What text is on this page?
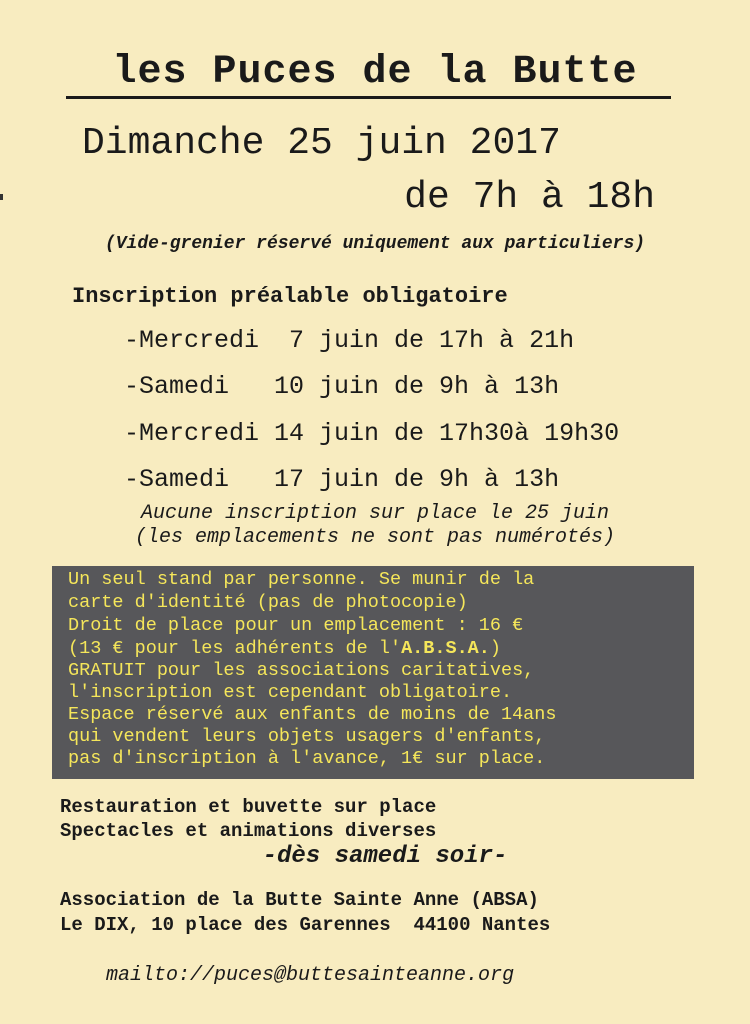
les Puces de la Butte
Dimanche 25 juin 2017
de 7h à 18h
(Vide-grenier réservé uniquement aux particuliers)
Inscription préalable obligatoire
-Mercredi  7 juin de 17h à 21h
-Samedi   10 juin de 9h à 13h
-Mercredi 14 juin de 17h30à 19h30
-Samedi   17 juin de 9h à 13h
Aucune inscription sur place le 25 juin
(les emplacements ne sont pas numérotés)
Un seul stand par personne. Se munir de la
carte d'identité (pas de photocopie)
Droit de place pour un emplacement : 16 €
(13 € pour les adhérents de l'A.B.S.A.)
GRATUIT pour les associations caritatives,
l'inscription est cependant obligatoire.
Espace réservé aux enfants de moins de 14ans
qui vendent leurs objets usagers d'enfants,
pas d'inscription à l'avance, 1€ sur place.
Restauration et buvette sur place
Spectacles et animations diverses
-dès samedi soir-
Association de la Butte Sainte Anne (ABSA)
Le DIX, 10 place des Garennes  44100 Nantes
mailto://puces@buttesainteanne.org
